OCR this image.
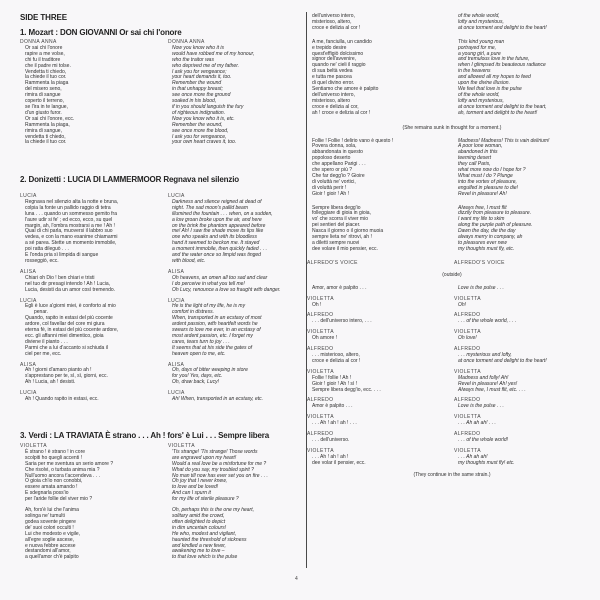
SIDE THREE
1. Mozart : DON GIOVANNI Or sai chi l'onore
DONNA ANNA
Or sai chi l'onore
rapire a me volse,
chi fu il traditore
che il padre mi tolse.
Vendetta ti chiedo,
la chiede il tuo cor.
Rammenta la piaga
del misero seno,
rimira di sangue
coperto il terreno,
se l'ira in te langue,
d'un giusto furor.
Or sai chi l'onore, ecc.
Rammenta la piaga,
rimira di sangue,
vendetta ti chiedo,
la chiede il tuo cor.
DONNA ANNA
Now you know who it is
would have robbed me of my honour,
who the traitor was
who deprived me of my father.
I ask you for vengeance;
your heart demands it, too.
Remember the wound
in that unhappy breast;
see once more the ground
soaked in his blood,
if in you should languish the fury
of righteous indignation.
Now you know who it is, etc.
Remember the wound,
see once more the blood,
I ask you for vengeance,
your own heart craves it, too.
2. Donizetti : LUCIA DI LAMMERMOOR Regnava nel silenzio
LUCIA
Regnava nel silenzio alta la notte e bruna,
colpia la fonte un pallido raggio di tetra
luna . . . quando un sommesso gemito fra
l'aure udir si fe' ; ed ecco, ecco, su quel
margin, ah, l'ombra mostrarsi a me ! Ah !
Qual di chi parla, muoversi il labbro suo
vedea, e con la mano esanime chiamarmi
a sé parea. Stette un momento immobile,
poi ratta dileguò . . .
E l'onda pria sì limpida di sangue
rosseggiò, ecc.
LUCIA
Darkness and silence reigned at dead of
night. The sad moon's pallid beam
illumined the fountain . . . when, on a sudden,
a low groan broke upon the air, and here
on the brink the phantom appeared before
me! Ah! I saw the shade move its lips like
one who speaks and with its bloodless
hand it seemed to beckon me. It stayed
a moment immobile, then quickly faded . . .
and the water once so limpid was tinged
with blood, etc.
ALISA
Chiari oh Dio ! ben chiari e tristi
nel tuo dir presagi intendo ! Ah ! Lucia,
Lucia, desisti da un amor così tremendo.
ALISA
Oh heavens, an omen all too sad and clear
I do perceive in what you tell me!
Oh Lucy, renounce a love so fraught with danger.
LUCIA
Egli è luce a'giorni miei, è conforto al mio
penar.
Quando, rapito in estasi del più cocente
ardore, col favellar del core mi giura
eterna fè, in estasi del più cocente ardore,
ecc. gli affanni miei dimentico, gioia
diviene il pianto . . .
Parmi che a lui d'accanto si schiuda il
ciel per me, ecc.
LUCIA
He is the light of my life, he is my
comfort in distress.
When, transported in an ecstasy of most
ardent passion, with heartfelt words he
swears to love me ever, in an ecstasy of
most ardent passion, etc. I forget my
cares, tears turn to joy . . .
It seems that at his side the gates of
heaven open to me, etc.
ALISA
Ah ! giorni d'amaro pianto ah !
s'apprestano per te, sì, sì, giorni, ecc.
Ah ! Lucia, ah ! desisti.
ALISA
Oh, days of bitter weeping in store
for you! Yes, days, etc.
Oh, draw back, Lucy!
LUCIA
Ah ! Quando rapito in estasi, ecc.
LUCIA
Ah! When, transported in an ecstasy, etc.
3. Verdi : LA TRAVIATA È strano . . . Ah ! fors' è Lui . . . Sempre libera
VIOLETTA
È strano ! è strano ! in core
scolpiti ho quegli accenti !
Saria per me sventura un serio amore ?
Che risolvi, o turbata anima mia ?
Null'uomo ancora t'accendeva . . .
O gioia ch'io non conobbi,
essere amata amando !
E sdegnarla poss'io
per l'aride follie del viver mio ?
VIOLETTA
'Tis strange! 'Tis strange! Those words
are engraved upon my heart!
Would a real love be a misfortune for me ?
What do you say, my troubled spirit ?
No man till now has ever set you on fire . . .
Oh joy that I never knew,
to love and be loved!
And can I spurn it
for my life of sterile pleasure ?
Ah, fors'è lui che l'anima
solinga ne' tumulti
godea sovente pingere
de' suoi colori occulti !
Lui che modesto e vigile,
all'egre soglie ascese,
e nuova febbre accese
destandomi all'amor,
a quell'amor ch'è palpito
Oh, perhaps this is the one my heart,
solitary amid the crowd,
often delighted to depict
in dim uncertain colours!
He who, modest and vigilant,
haunted the threshold of sickness
and kindled a new fever,
awakening me to love –
to that love which is the pulse
dell'universo intero,
misterioso, altero,
croce e delizia al cor !
of the whole world,
lofty and mysterious,
at once torment and delight to the heart!
A me, fanciulla, un candido
e trepido desire
quest'effigiò dolcissimo
signor dell'avvenire,
quando ne' cieli il raggio
di sua beltà vedea
e tutta me pascea
di quel divino error.
Sentiamo che amore è palpito
dell'universo intero,
misterioso, altero
croce e delizia al cor,
ah ! croce e delizia al cor !
This kind young man
portrayed for me,
a young girl, a pure
and tremulous love in the future,
when I glimpsed its beauteous radiance
in the heavens
and allowed all my hopes to feed
upon the divine illusion.
We feel that love is the pulse
of the whole world,
lofty and mysterious,
at once torment and delight to the heart,
ah, torment and delight to the heart!
(She remains sunk in thought for a moment.)
Follie ! Follie ! delirio vano è questo !
Povera donna, sola,
abbandonata in questo
popoloso deserto
che appellano Parigi . . .
che spero or più ?
Che far degg'io ? Gioire
di voluttà ne' vortici,
di voluttà perir !
Gioir ! gioir ! Ah !
Madness! Madness! This is vain delirium!
A poor lone woman,
abandoned in this
teeming desert
they call Paris,
what more now do I hope for ?
What must I do ? Plunge
into the vortex of pleasure,
engulfed in pleasure to die!
Revel in pleasure! Ah!
Sempre libera degg'io
folleggiare di gioia in gioia,
vo' che scorra il viver mio
pei sentieri del piacer.
Nasca il giorno o il giorno muoia
sempre lieta ne' ritrovi, ah !
a diletti sempre nuovi
dee volare il mio pensier, ecc.
Always free, I must flit
dizzily from pleasure to pleasure.
I want my life to skim
along the purple path of pleasure.
Dawn the day, die the day
always merry in company, ah
to pleasures ever new
my thoughts must fly, etc.
ALFREDO'S VOICE	ALFREDO'S VOICE
(outside)
Amor, amor è palpito . . .	Love is the pulse . . .
VIOLETTA
Oh !
VIOLETTA
Oh!
ALFREDO
. . . dell'universo intero, . . .
ALFREDO
. . . of the whole world, . . .
VIOLETTA
Oh amore !
VIOLETTA
Oh love!
ALFREDO
. . . misterioso, altero,
croce e delizia al cor !
ALFREDO
. . . mysterious and lofty,
at once torment and delight to the heart!
VIOLETTA
Follie ! follie ! Ah !
Gioir ! gioir ! Ah ! sì !
Sempre libera degg'io, ecc. . . .
VIOLETTA
Madness and folly! Ah!
Revel in pleasure! Ah! yes!
Always free, I must flit, etc. . . .
ALFREDO
Amor è palpito . . .
ALFREDO
Love is the pulse . . .
VIOLETTA
. . . Ah ! ah ! ah ! . . .
VIOLETTA
. . . Ah ah ah! . . .
ALFREDO
. . . dell'universo.
ALFREDO
. . . of the whole world!
VIOLETTA
. . . Ah ! ah ! ah !
dee volar il pensier, ecc.
VIOLETTA
. . . Ah ah ah!
my thoughts must fly! etc.
(They continue in the same strain.)
4
